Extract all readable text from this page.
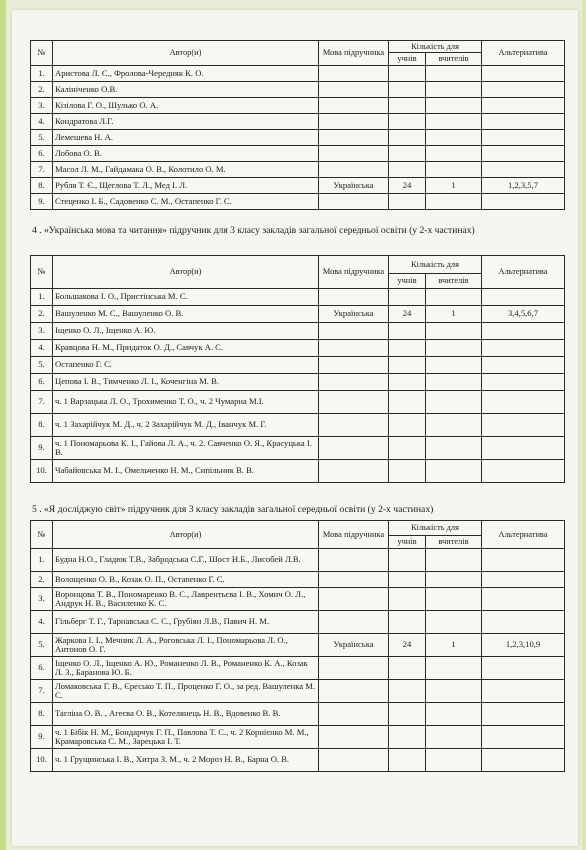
№	Автор(и)	Мова підручника	Кількість для		Альтернатива
			учнів	вчителів	
1.	Аристова Л. С., Фролова-Чередняк К. О.				
2.	Калініченко О.В.				
3.	Кізілова Г. О., Шулько О. А.				
4.	Кондратова Л.Г.				
5.	Лемешева Н. А.				
6.	Лобова О. В.				
7.	Масол Л. М., Гайдамака О. В., Колотило О. М.				
8.	Рубля Т. Є., Щеглова Т. Л., Мед І. Л.	Українська	24	1	1,2,3,5,7
9.	Стеценко І. Б., Садовенко С. М., Остапенко Г. С.				
4 . «Українська мова та читання» підручник для 3 класу закладів загальної середньої освіти (у 2-х частинах)
№	Автор(и)	Мова підручника	Кількість для		Альтернатива
			учнів	вчителів	
1.	Большакова І. О., Пристінська М. С.				
2.	Вашуленко М. С., Вашуленко О. В.	Українська	24	1	3,4,5,6,7
3.	Іщенко О. Л., Іщенко А. Ю.				
4.	Кравцова Н. М., Придаток О. Д., Савчук А. С.				
5.	Остапенко Г. С.				
6.	Цепова І. В., Тимченко Л. І., Коченгіна М. В.				
7.	ч. 1 Варзацька Л. О., Трохименко Т. О., ч. 2 Чумарна М.І.				
8.	ч. 1 Захарійчук М. Д., ч. 2 Захарійчук М. Д., Іванчук М. Г.				
9.	ч. 1 Пономарьова К. І., Гайова Л. А., ч. 2. Савченко О. Я., Красуцька І. В.				
10.	Чабайовська М. І., Омельченко Н. М., Cипільник В. В.				
5 . «Я досліджую світ» підручник для 3 класу закладів загальної середньої освіти (у 2-х частинах)
№	Автор(и)	Мова підручника	Кількість для		Альтернатива
			учнів	вчителів	
1.	Будна Н.О., Гладюк Т.В., Забродська С.Г., Шост Н.Б., Лисобей Л.В.				
2.	Волощенко О. В., Козак О. П., Остапенко Г. С.				
3.	Воронцова Т. В., Пономаренко В. С., Лаврентьєва І. В., Хомич О. Л., Андрук Н. В., Василенко К. С.				
4.	Гільберг Т. Г., Тарнавська С. С., Грубіян Л.В., Павич Н. М.				
5.	Жаркова І. І., Мечник Л. А., Роговська Л. І., Пономарьова Л. О., Антонов О. Г.	Українська	24	1	1,2,3,10,9
6.	Іщенко О. Л., Іщенко А. Ю., Романенко Л. В., Романенко К. А., Козак Л. З., Баранова Ю. Б.				
7.	Ломаковська Г. В., Єресько Т. П., Проценко Г. О., за ред. Вашуленка М. С.				
8.	Тагліна О. В. , Агеєва О. В., Котелянець Н. В., Вдовенко В. В.				
9.	ч. 1 Бібік Н. М., Бондарчук Г. П., Павлова Т. С., ч. 2 Корнієнко М. М., Крамаровська С. М., Зарецька І. Т.				
10.	ч. 1 Грущинська І. В., Хитра З. М., ч. 2 Мороз Н. В., Барна О. В.				
